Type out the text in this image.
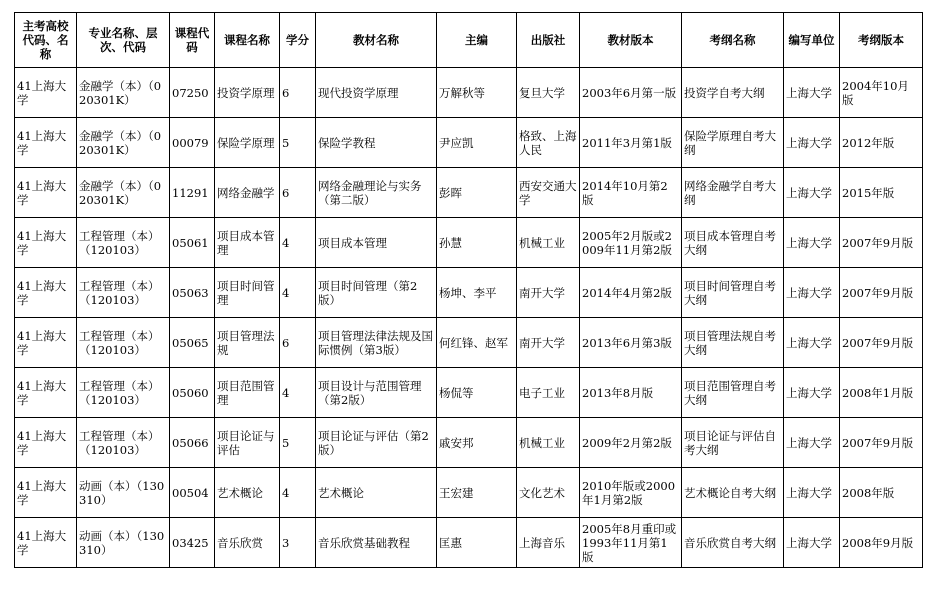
主考高校代码、名称	专业名称、层次、代码	课程代码	课程名称	学分	教材名称	主编	出版社	教材版本	考纲名称	编写单位	考纲版本
41上海大学	金融学（本）（020301K）	07250	投资学原理	6	现代投资学原理	万解秋等	复旦大学	2003年6月第一版	投资学自考大纲	上海大学	2004年10月版
41上海大学	金融学（本）（020301K）	00079	保险学原理	5	保险学教程	尹应凯	格致、上海人民	2011年3月第1版	保险学原理自考大纲	上海大学	2012年版
41上海大学	金融学（本）（020301K）	11291	网络金融学	6	网络金融理论与实务（第二版）	彭晖	西安交通大学	2014年10月第2版	网络金融学自考大纲	上海大学	2015年版
41上海大学	工程管理（本）（120103）	05061	项目成本管理	4	项目成本管理	孙慧	机械工业	2005年2月版或2009年11月第2版	项目成本管理自考大纲	上海大学	2007年9月版
41上海大学	工程管理（本）（120103）	05063	项目时间管理	4	项目时间管理（第2版）	杨坤、李平	南开大学	2014年4月第2版	项目时间管理自考大纲	上海大学	2007年9月版
41上海大学	工程管理（本）（120103）	05065	项目管理法规	6	项目管理法律法规及国际惯例（第3版）	何红锋、赵军	南开大学	2013年6月第3版	项目管理法规自考大纲	上海大学	2007年9月版
41上海大学	工程管理（本）（120103）	05060	项目范围管理	4	项目设计与范围管理（第2版）	杨侃等	电子工业	2013年8月版	项目范围管理自考大纲	上海大学	2008年1月版
41上海大学	工程管理（本）（120103）	05066	项目论证与评估	5	项目论证与评估（第2版）	戚安邦	机械工业	2009年2月第2版	项目论证与评估自考大纲	上海大学	2007年9月版
41上海大学	动画（本）（130310）	00504	艺术概论	4	艺术概论	王宏建	文化艺术	2010年版或2000年1月第2版	艺术概论自考大纲	上海大学	2008年版
41上海大学	动画（本）（130310）	03425	音乐欣赏	3	音乐欣赏基础教程	匡惠	上海音乐	2005年8月重印或1993年11月第1版	音乐欣赏自考大纲	上海大学	2008年9月版
